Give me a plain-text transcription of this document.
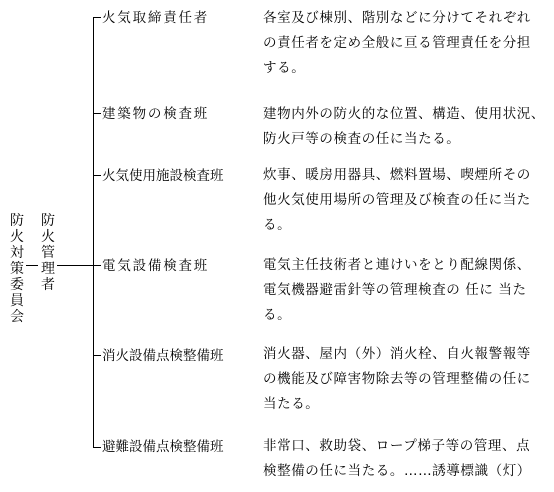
防
火
対
策
委
員
会
防
火
管
理
者
火気取締責任者
建築物の検査班
火気使用施設検査班
電気設備検査班
消火設備点検整備班
避難設備点検整備班
各室及び棟別、階別などに分けてそれぞれ
の責任者を定め全般に亘る管理責任を分担
する。
建物内外の防火的な位置、構造、使用状況、
防火戸等の検査の任に当たる。
炊事、暖房用器具、燃料置場、喫煙所その
他火気使用場所の管理及び検査の任に当た
る。
電気主任技術者と連けいをとり配線関係、
電気機器避雷針等の管理検査の 任に 当た
る。
消火器、屋内（外）消火栓、自火報警報等
の機能及び障害物除去等の管理整備の任に
当たる。
非常口、救助袋、ロープ梯子等の管理、点
検整備の任に当たる。……誘導標識（灯）
